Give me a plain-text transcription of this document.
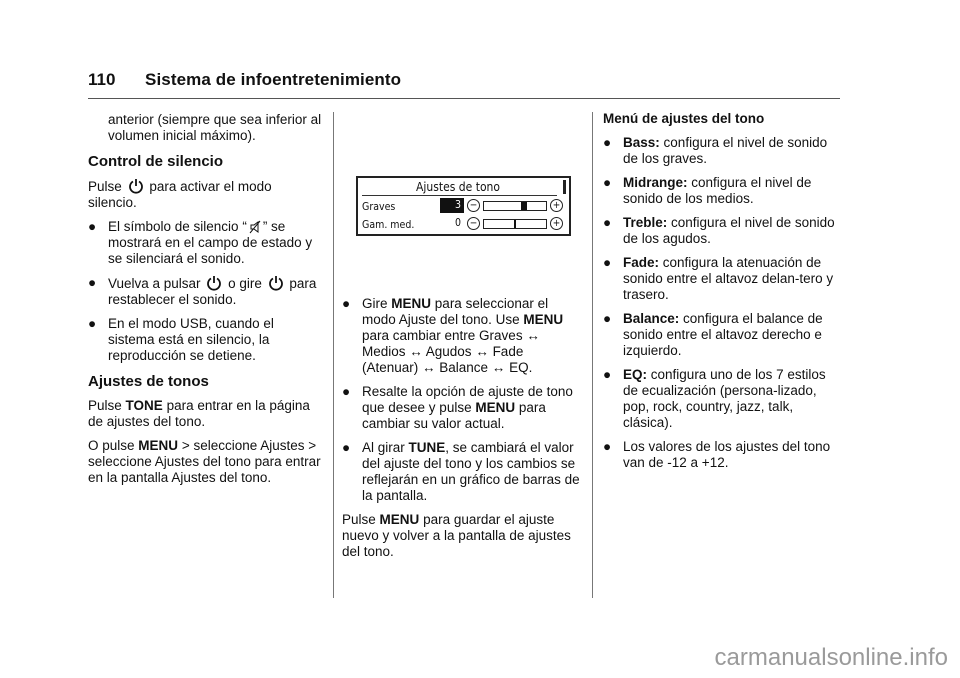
110 Sistema de infoentretenimiento

anterior (siempre que sea inferior al volumen inicial máximo).

Control de silencio

Pulse para activar el modo silencio.

● El símbolo de silencio “ ” se mostrará en el campo de estado y se silenciará el sonido.
● Vuelva a pulsar o gire para restablecer el sonido.
● En el modo USB, cuando el sistema está en silencio, la reproducción se detiene.
Ajustes de tonos

Pulse TONE para entrar en la página de ajustes del tono.

O pulse MENU > seleccione Ajustes > seleccione Ajustes del tono para entrar en la pantalla Ajustes del tono.

Ajustes de tono
Graves	3 −	+
Gam. med.	0 −	+
● Gire MENU para seleccionar el modo Ajuste del tono. Use MENU para cambiar entre Graves ↔ Medios ↔ Agudos ↔ Fade (Atenuar) ↔ Balance ↔ EQ.
● Resalte la opción de ajuste de tono que desee y pulse MENU para cambiar su valor actual.
● Al girar TUNE, se cambiará el valor del ajuste del tono y los cambios se reflejarán en un gráfico de barras de la pantalla.

Pulse MENU para guardar el ajuste nuevo y volver a la pantalla de ajustes del tono.

Menú de ajustes del tono
● Bass: configura el nivel de sonido de los graves.
● Midrange: configura el nivel de sonido de los medios.
● Treble: configura el nivel de sonido de los agudos.
● Fade: configura la atenuación de sonido entre el altavoz delan-tero y trasero.
● Balance: configura el balance de sonido entre el altavoz derecho e izquierdo.
● EQ: configura uno de los 7 estilos de ecualización (persona-lizado, pop, rock, country, jazz, talk, clásica).
● Los valores de los ajustes del tono van de -12 a +12.
carmanualsonline.info
